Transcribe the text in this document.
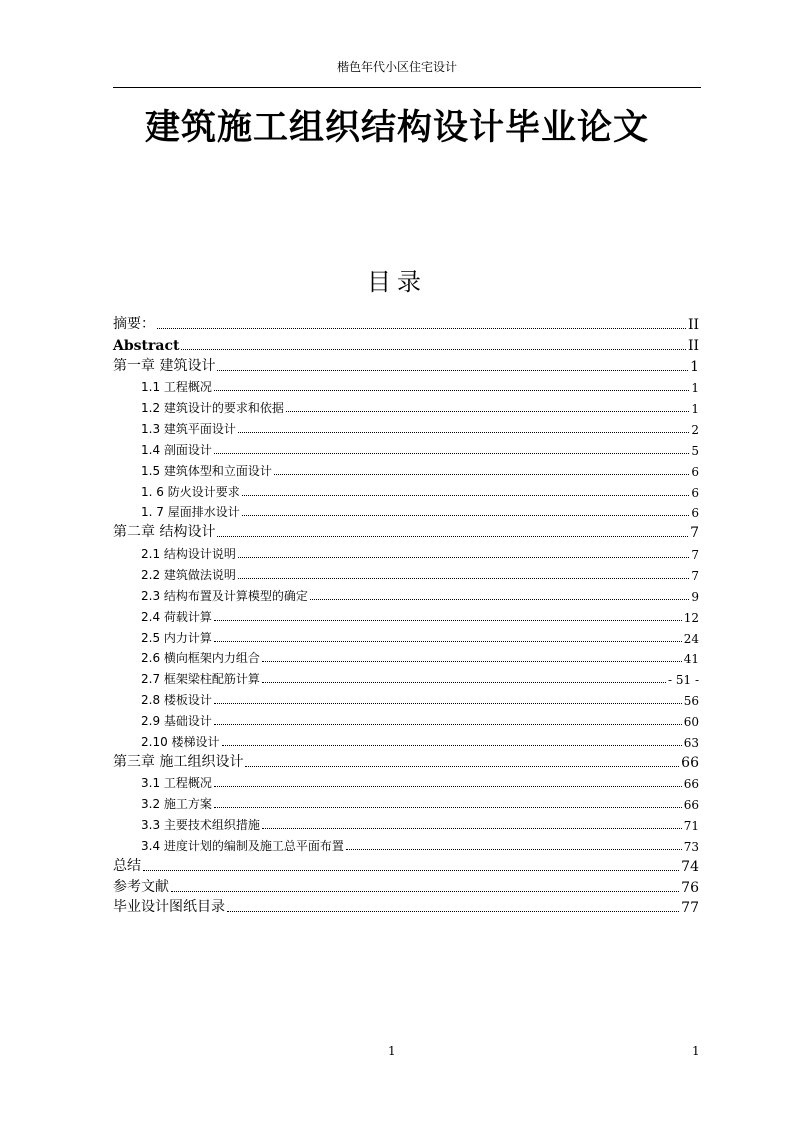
楷色年代小区住宅设计
建筑施工组织结构设计毕业论文
目录
摘要：	II
Abstract	II
第一章 建筑设计	1
1.1 工程概况	1
1.2 建筑设计的要求和依据	1
1.3 建筑平面设计	2
1.4 剖面设计	5
1.5 建筑体型和立面设计	6
1. 6 防火设计要求	6
1. 7 屋面排水设计	6
第二章 结构设计	7
2.1 结构设计说明	7
2.2 建筑做法说明	7
2.3 结构布置及计算模型的确定	9
2.4 荷载计算	12
2.5 内力计算	24
2.6 横向框架内力组合	41
2.7 框架梁柱配筋计算	- 51 -
2.8 楼板设计	56
2.9 基础设计	60
2.10 楼梯设计	63
第三章 施工组织设计	66
3.1 工程概况	66
3.2 施工方案	66
3.3 主要技术组织措施	71
3.4 进度计划的编制及施工总平面布置	73
总结	74
参考文献	76
毕业设计图纸目录	77
1	1
